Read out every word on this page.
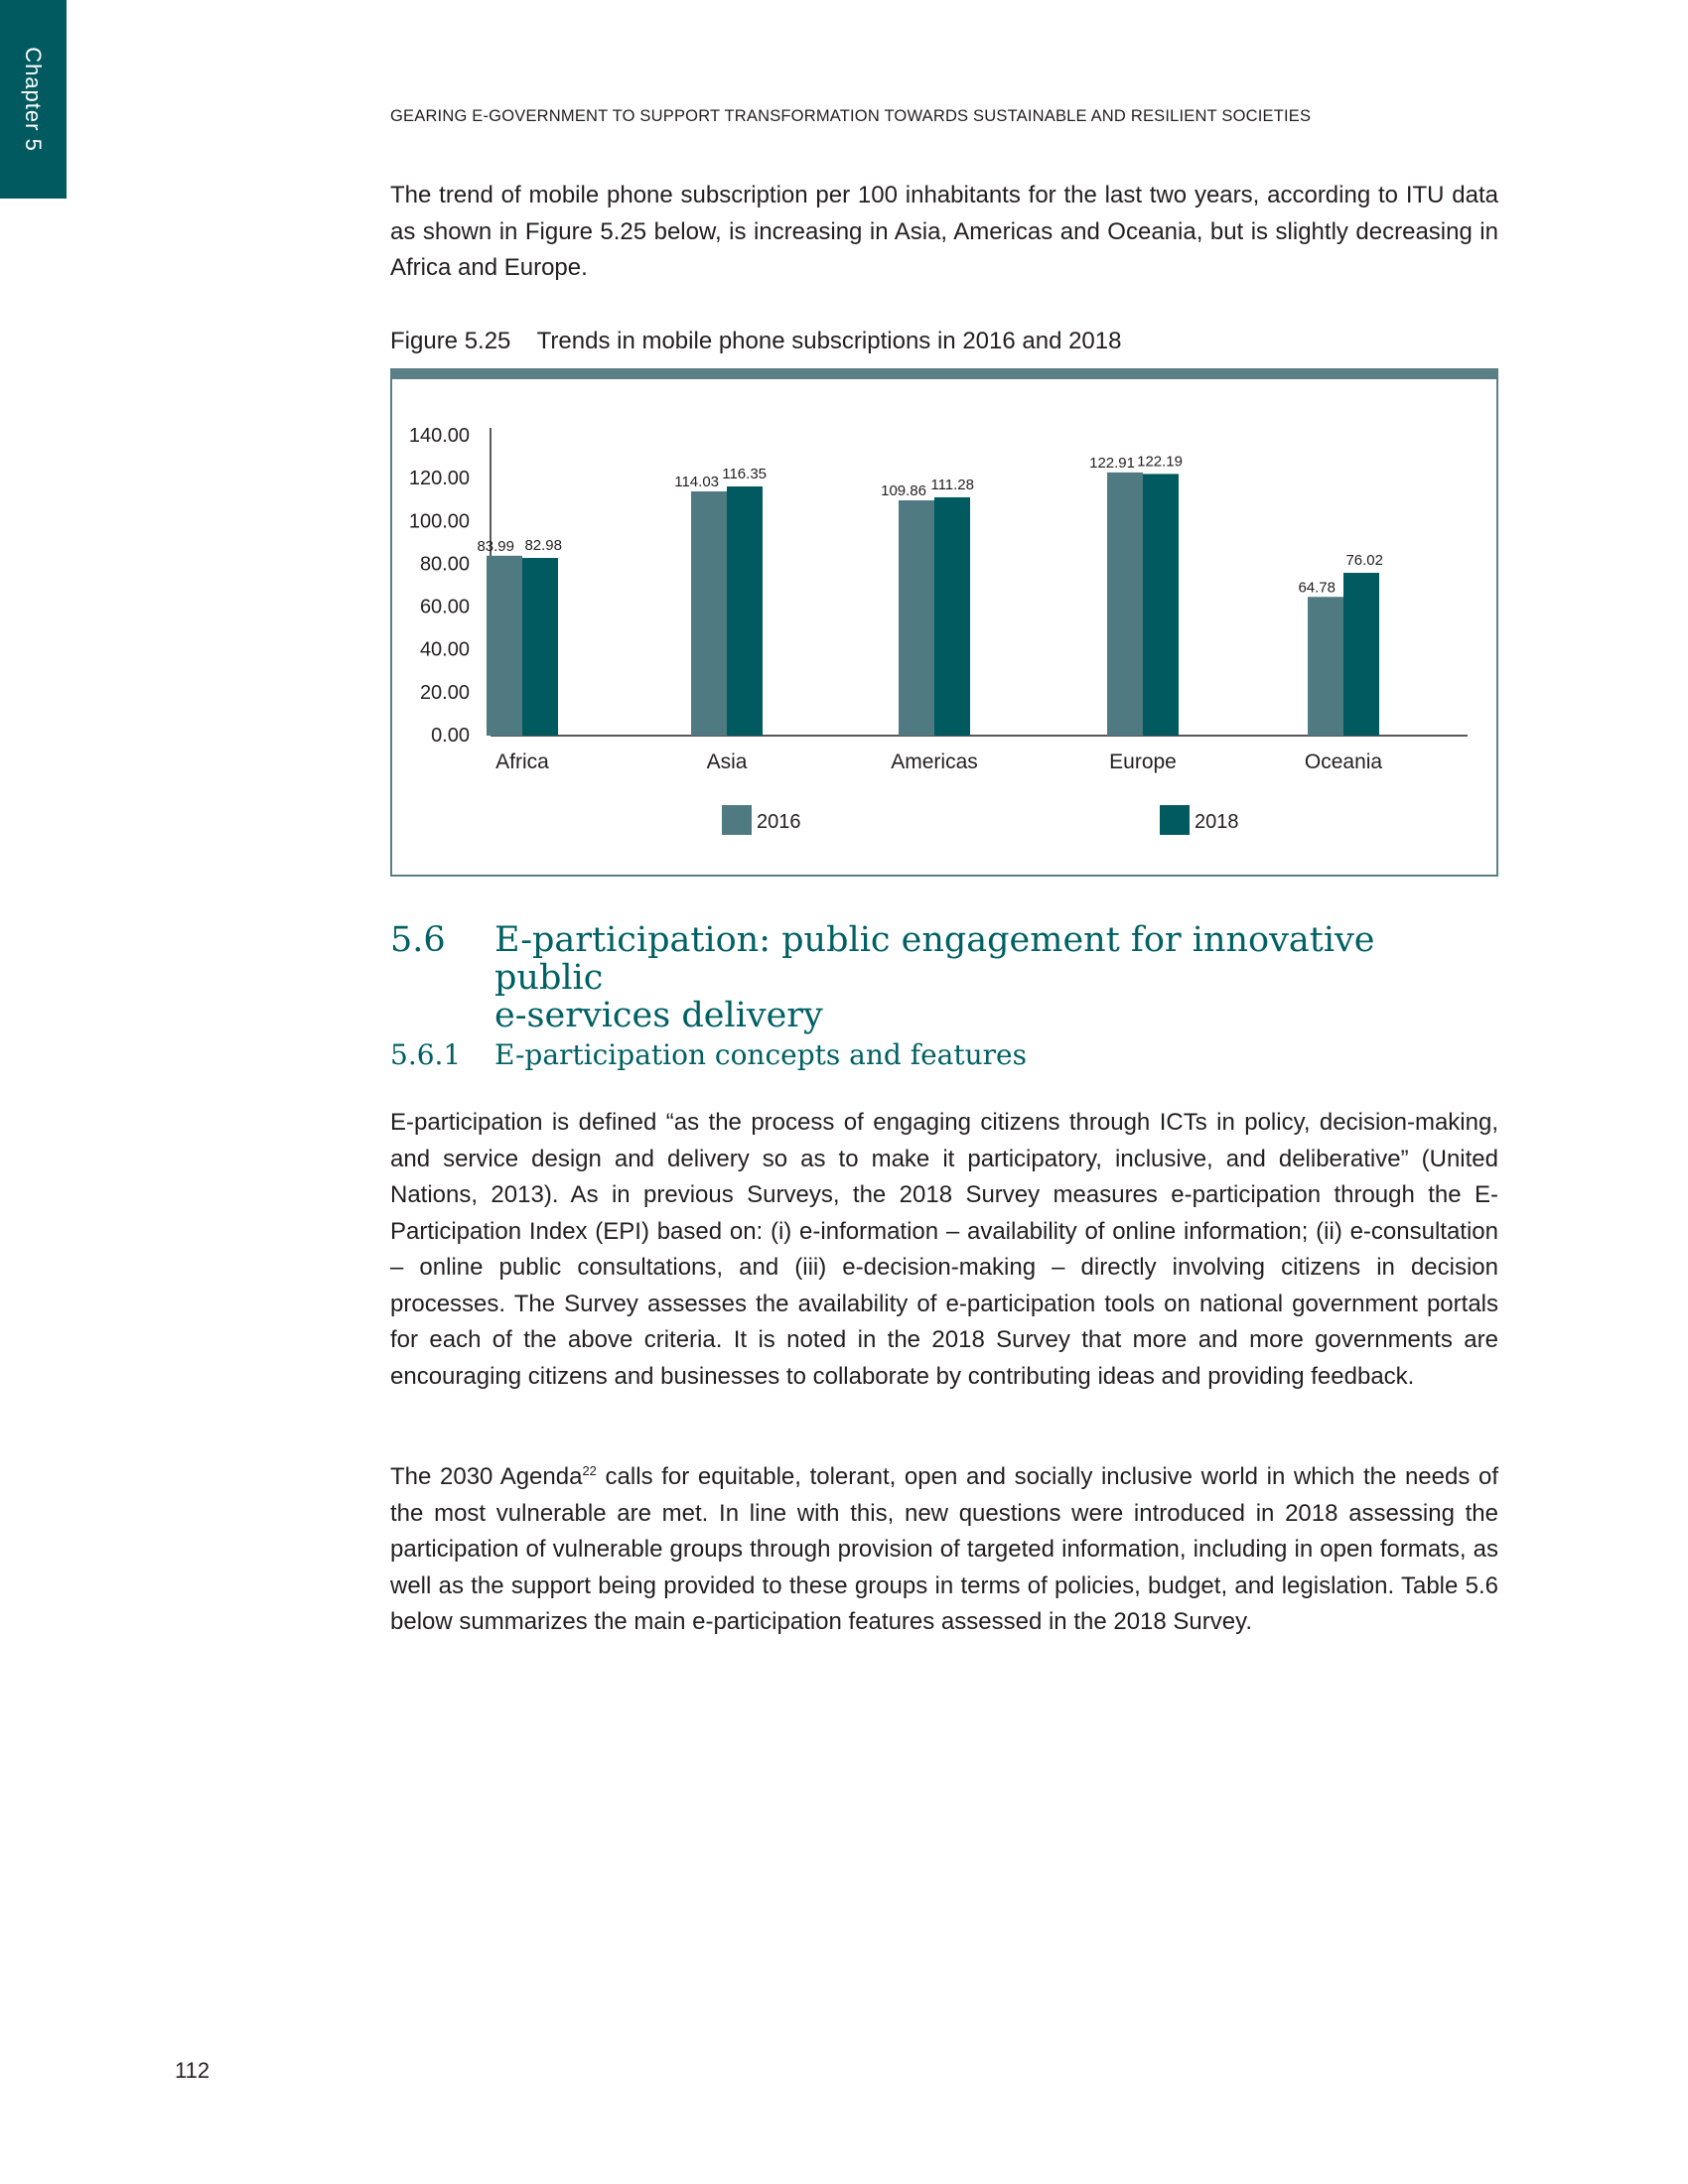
Chapter 5	GEARING E-GOVERNMENT TO SUPPORT TRANSFORMATION TOWARDS SUSTAINABLE AND RESILIENT SOCIETIES

The trend of mobile phone subscription per 100 inhabitants for the last two years, according to ITU data as shown in Figure 5.25 below, is increasing in Asia, Americas and Oceania, but is slightly decreasing in Africa and Europe.

Figure 5.25 Trends in mobile phone subscriptions in 2016 and 2018
0.00
20.00
40.00
60.00
80.00
100.00
120.00
140.00
83.99 82.98
Africa
114.03 116.35
Asia
109.86 111.28
Americas
122.91 122.19
Europe
64.78
76.02
Oceania
2016	2018
5.6 E-participation: public engagement for innovative public
e-services delivery
5.6.1 E-participation concepts and features

E-participation is defined “as the process of engaging citizens through ICTs in policy, decision-making, and service design and delivery so as to make it participatory, inclusive, and deliberative” (United Nations, 2013). As in previous Surveys, the 2018 Survey measures e-participation through the E-Participation Index (EPI) based on: (i) e-information – availability of online information; (ii) e-consultation – online public consultations, and (iii) e-decision-making – directly involving citizens in decision processes. The Survey assesses the availability of e-participation tools on national government portals for each of the above criteria. It is noted in the 2018 Survey that more and more governments are encouraging citizens and businesses to collaborate by contributing ideas and providing feedback.

The 2030 Agenda$^{22}$ calls for equitable, tolerant, open and socially inclusive world in which the needs of the most vulnerable are met. In line with this, new questions were introduced in 2018 assessing the participation of vulnerable groups through provision of targeted information, including in open formats, as well as the support being provided to these groups in terms of policies, budget, and legislation. Table 5.6 below summarizes the main e-participation features assessed in the 2018 Survey.

112
